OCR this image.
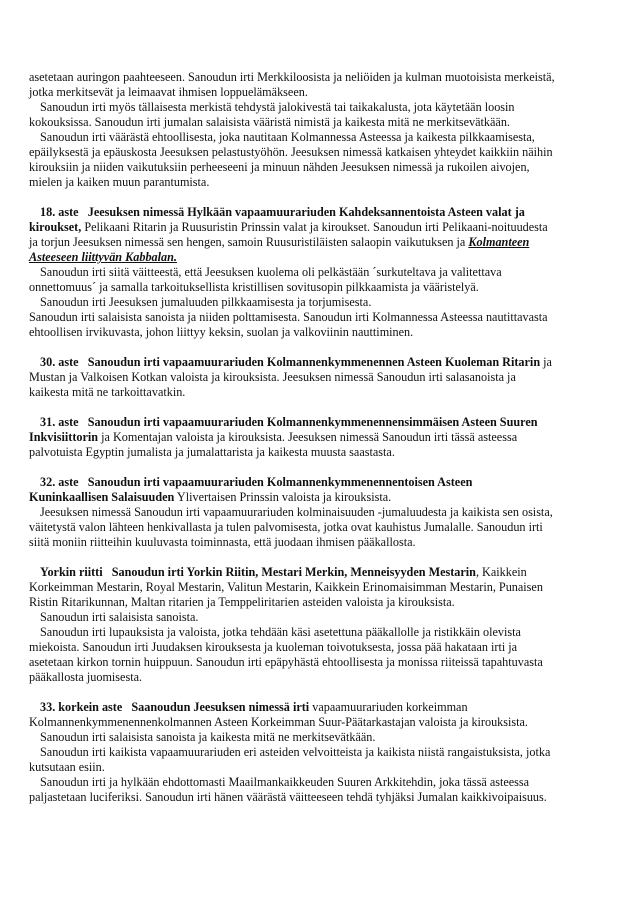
asetetaan auringon paahteeseen. Sanoudun irti Merkkiloosista ja neliöiden ja kulman muotoisista merkeistä,
jotka merkitsevät ja leimaavat ihmisen loppuelämäkseen.
Sanoudun irti myös tällaisesta merkistä tehdystä jalokivestä tai taikakalusta, jota käytetään loosin
kokouksissa. Sanoudun irti jumalan salaisista vääristä nimistä ja kaikesta mitä ne merkitsevätkään.
Sanoudun irti väärästä ehtoollisesta, joka nautitaan Kolmannessa Asteessa ja kaikesta pilkkaamisesta,
epäilyksestä ja epäuskosta Jeesuksen pelastustyöhön. Jeesuksen nimessä katkaisen yhteydet kaikkiin näihin
kirouksiin ja niiden vaikutuksiin perheeseeni ja minuun nähden Jeesuksen nimessä ja rukoilen aivojen,
mielen ja kaiken muun parantumista.
18. aste Jeesuksen nimessä Hylkään vapaamuurariuden Kahdeksannentoista Asteen valat ja
kiroukset, Pelikaani Ritarin ja Ruusuristin Prinssin valat ja kiroukset. Sanoudun irti Pelikaani-noituudesta
ja torjun Jeesuksen nimessä sen hengen, samoin Ruusuristiläisten salaopin vaikutuksen ja Kolmanteen
Asteeseen liittyvän Kabbalan.
Sanoudun irti siitä väitteestä, että Jeesuksen kuolema oli pelkästään ´surkuteltava ja valitettava
onnettomuus´ ja samalla tarkoituksellista kristillisen sovitusopin pilkkaamista ja vääristelyä.
Sanoudun irti Jeesuksen jumaluuden pilkkaamisesta ja torjumisesta.
Sanoudun irti salaisista sanoista ja niiden polttamisesta. Sanoudun irti Kolmannessa Asteessa nautittavasta
ehtoollisen irvikuvasta, johon liittyy keksin, suolan ja valkoviinin nauttiminen.
30. aste Sanoudun irti vapaamuurariuden Kolmannenkymmenennen Asteen Kuoleman Ritarin ja
Mustan ja Valkoisen Kotkan valoista ja kirouksista. Jeesuksen nimessä Sanoudun irti salasanoista ja
kaikesta mitä ne tarkoittavatkin.
31. aste Sanoudun irti vapaamuurariuden Kolmannenkymmenennensimmäisen Asteen Suuren
Inkvisiittorin ja Komentajan valoista ja kirouksista. Jeesuksen nimessä Sanoudun irti tässä asteessa
palvotuista Egyptin jumalista ja jumalattarista ja kaikesta muusta saastasta.
32. aste Sanoudun irti vapaamuurariuden Kolmannenkymmenennentoisen Asteen
Kuninkaallisen Salaisuuden Ylivertaisen Prinssin valoista ja kirouksista.
Jeesuksen nimessä Sanoudun irti vapaamuurariuden kolminaisuuden -jumaluudesta ja kaikista sen osista,
väitetystä valon lähteen henkivallasta ja tulen palvomisesta, jotka ovat kauhistus Jumalalle. Sanoudun irti
siitä moniin riitteihin kuuluvasta toiminnasta, että juodaan ihmisen pääkallosta.
Yorkin riitti Sanoudun irti Yorkin Riitin, Mestari Merkin, Menneisyyden Mestarin, Kaikkein
Korkeimman Mestarin, Royal Mestarin, Valitun Mestarin, Kaikkein Erinomaisimman Mestarin, Punaisen
Ristin Ritarikunnan, Maltan ritarien ja Temppeliritarien asteiden valoista ja kirouksista.
Sanoudun irti salaisista sanoista.
Sanoudun irti lupauksista ja valoista, jotka tehdään käsi asetettuna pääkallolle ja ristikkäin olevista
miekoista. Sanoudun irti Juudaksen kirouksesta ja kuoleman toivotuksesta, jossa pää hakataan irti ja
asetetaan kirkon tornin huippuun. Sanoudun irti epäpyhästä ehtoollisesta ja monissa riiteissä tapahtuvasta
pääkallosta juomisesta.
33. korkein aste Saanoudun Jeesuksen nimessä irti vapaamuurariuden korkeimman
Kolmannenkymmenennenkolmannen Asteen Korkeimman Suur-Päätarkastajan valoista ja kirouksista.
Sanoudun irti salaisista sanoista ja kaikesta mitä ne merkitsevätkään.
Sanoudun irti kaikista vapaamuurariuden eri asteiden velvoitteista ja kaikista niistä rangaistuksista, jotka
kutsutaan esiin.
Sanoudun irti ja hylkään ehdottomasti Maailmankaikkeuden Suuren Arkkitehdin, joka tässä asteessa
paljastetaan luciferiksi. Sanoudun irti hänen väärästä väitteeseen tehdä tyhjäksi Jumalan kaikkivoipaisuus.
